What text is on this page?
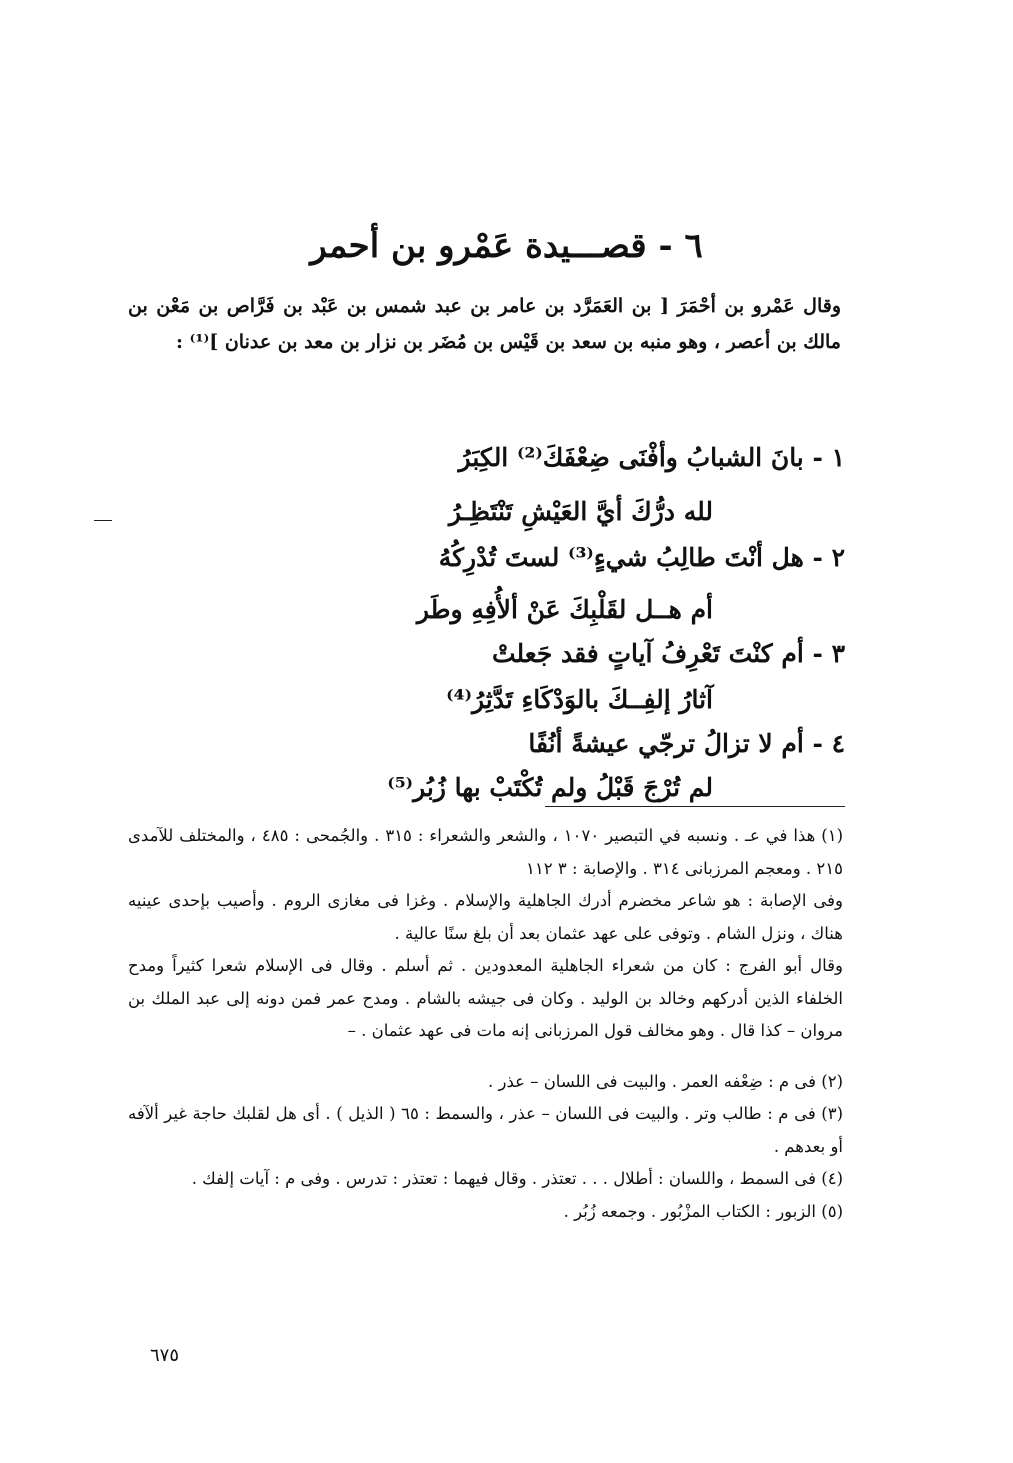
٦ - قصـــيدة عَمْرو بن أحمر

وقال عَمْرو بن أحْمَرَ [ بن العَمَرَّد بن عامر بن عبد شمس بن عَبْد بن فَرَّاص بن مَعْن بن مالك بن أعصر ، وهو منبه بن سعد بن قَيْس بن مُضَر بن نزار بن معد بن عدنان ]⁽¹⁾ :

١ - بانَ الشبابُ وأفْنَى ضِعْفَكَ⁽²⁾ الكِبَرُ
لله درُّكَ أيَّ العَيْشِ تَنْتَظِـرُ
٢ - هل أنْتَ طالِبُ شيءٍ⁽³⁾ لستَ تُدْرِكُهُ
أم هــل لقَلْبِكَ عَنْ ألأُفِهِ وطَر
٣ - أم كنْتَ تَعْرِفُ آياتٍ فقد جَعلتْ
آثارُ إلفِــكَ بالوَدْكَاءِ تَدَّثِرُ⁽⁴⁾
٤ - أم لا تزالُ ترجّي عيشةً أنُفًا
لم تُرْجَ قَبْلُ ولم تُكْتَبْ بها زُبُر⁽⁵⁾

(١) هذا في عـ . ونسبه في التبصير ١٠٧٠ ، والشعر والشعراء : ٣١٥ . والجُمحى : ٤٨٥ ، والمختلف للآمدى ٢١٥ . ومعجم المرزبانى ٣١٤ . والإصابة : ٣ ١١٢

وفى الإصابة : هو شاعر مخضرم أدرك الجاهلية والإسلام . وغزا فى مغازى الروم . وأصيب بإحدى عينيه هناك ، ونزل الشام . وتوفى على عهد عثمان بعد أن بلغ سنًا عالية .

وقال أبو الفرج : كان من شعراء الجاهلية المعدودين . ثم أسلم . وقال فى الإسلام شعرا كثيراً ومدح الخلفاء الذين أدركهم وخالد بن الوليد . وكان فى جيشه بالشام . ومدح عمر فمن دونه إلى عبد الملك بن مروان – كذا قال . وهو مخالف قول المرزبانى إنه مات فى عهد عثمان . –

(٢) فى م : ضِعْفه العمر . والبيت فى اللسان – عذر .

(٣) فى م : طالب وتر . والبيت فى اللسان – عذر ، والسمط : ٦٥ ( الذيل ) . أى هل لقلبك حاجة غير ألآفه أو بعدهم .

(٤) فى السمط ، واللسان : أطلال . . . تعتذر . وقال فيهما : تعتذر : تدرس . وفى م : آيات إلفك .

(٥) الزبور : الكتاب المزْبُور . وجمعه زُبُر .

٦٧٥
